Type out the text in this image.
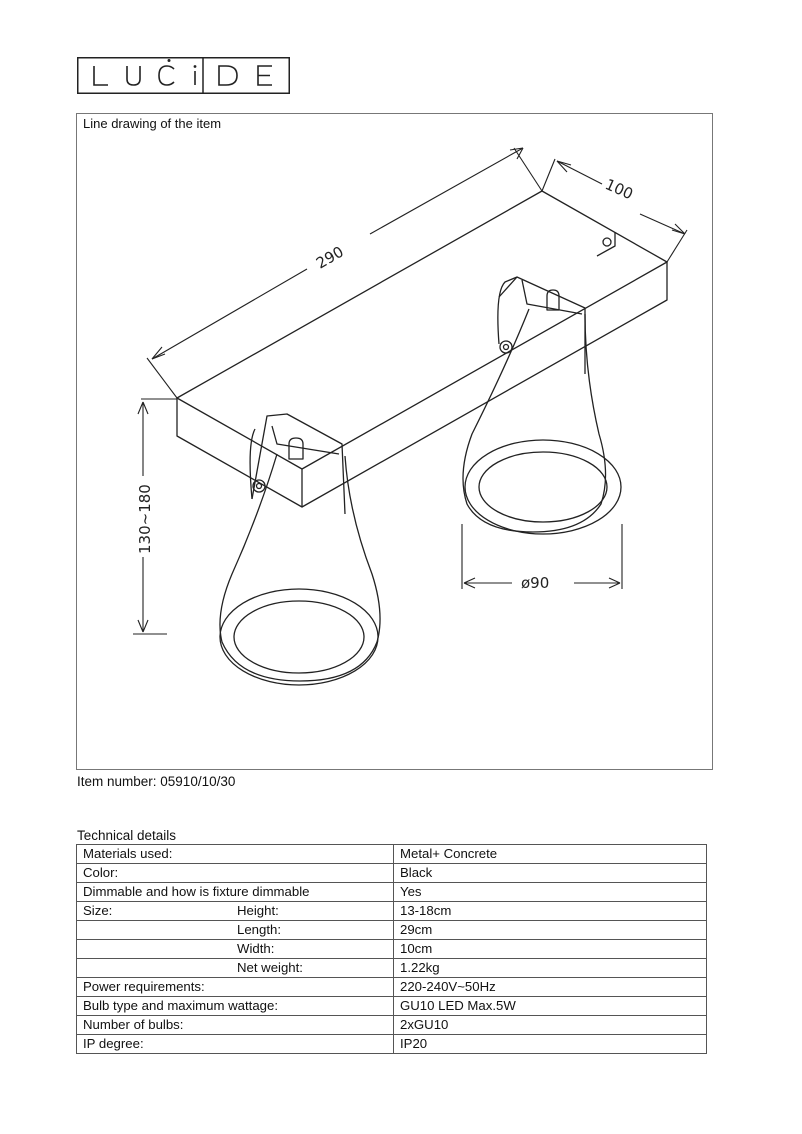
Line drawing of the item
290
100
130~180
ø90
Item number: 05910/10/30
Technical details
Materials used:	Metal+ Concrete
Color:	Black
Dimmable and how is fixture dimmable	Yes
Size: Height:	13-18cm

Length:	29cm

Width:	10cm

Net weight:	1.22kg
Power requirements:	220-240V~50Hz
Bulb type and maximum wattage:	GU10 LED Max.5W
Number of bulbs:	2xGU10
IP degree:	IP20
